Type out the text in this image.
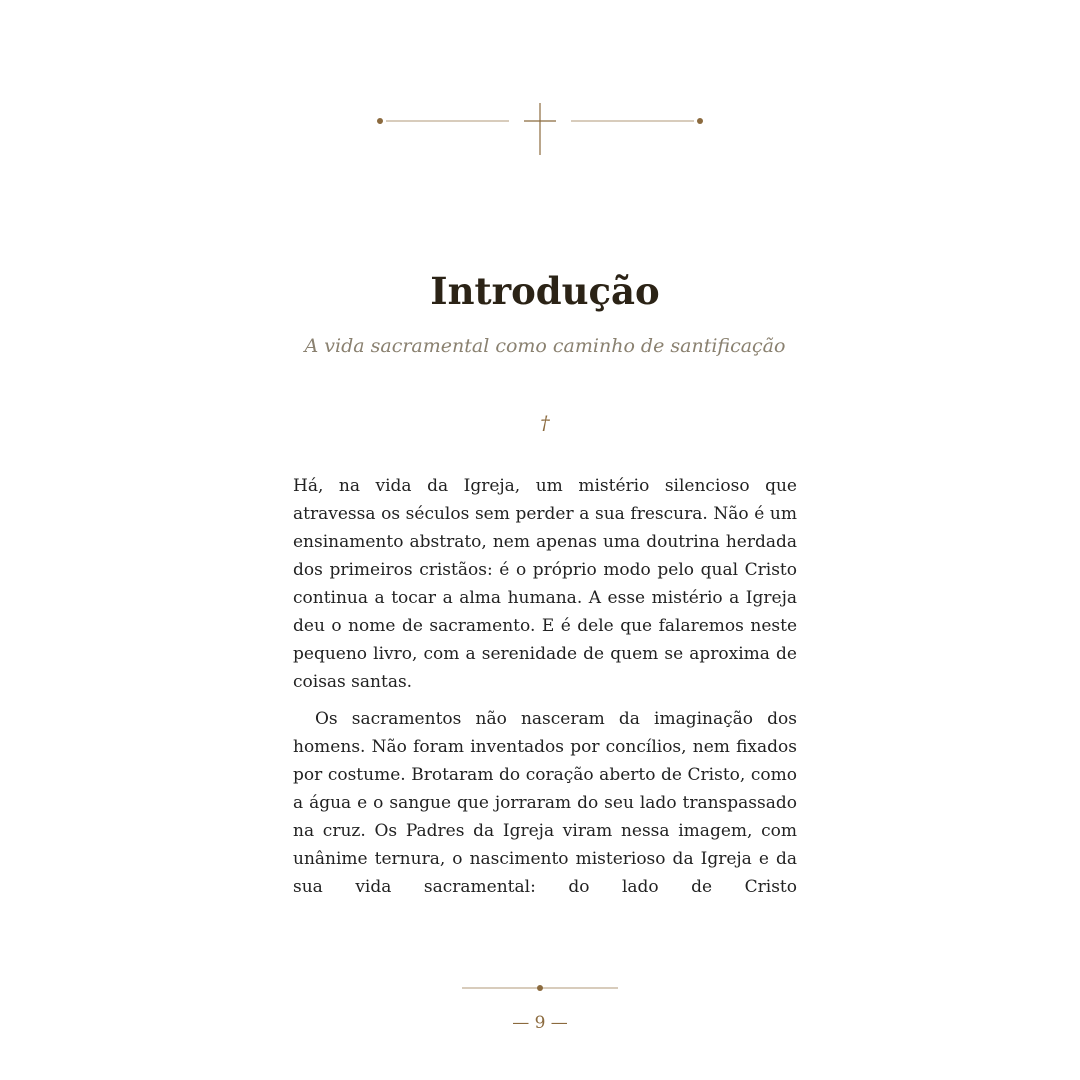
Introdução

A vida sacramental como caminho de santificação

†

Há, na vida da Igreja, um mistério silencioso que atravessa os séculos sem perder a sua frescura. Não é um ensinamento abstrato, nem apenas uma doutrina herdada dos primeiros cristãos: é o próprio modo pelo qual Cristo continua a tocar a alma humana. A esse mistério a Igreja deu o nome de sacramento. E é dele que falaremos neste pequeno livro, com a serenidade de quem se aproxima de coisas santas.

Os sacramentos não nasceram da imaginação dos homens. Não foram inventados por concílios, nem fixados por costume. Brotaram do coração aberto de Cristo, como a água e o sangue que jorraram do seu lado transpassado na cruz. Os Padres da Igreja viram nessa imagem, com unânime ternura, o nascimento misterioso da Igreja e da sua vida sacramental: do lado de Cristo

— 9 —
